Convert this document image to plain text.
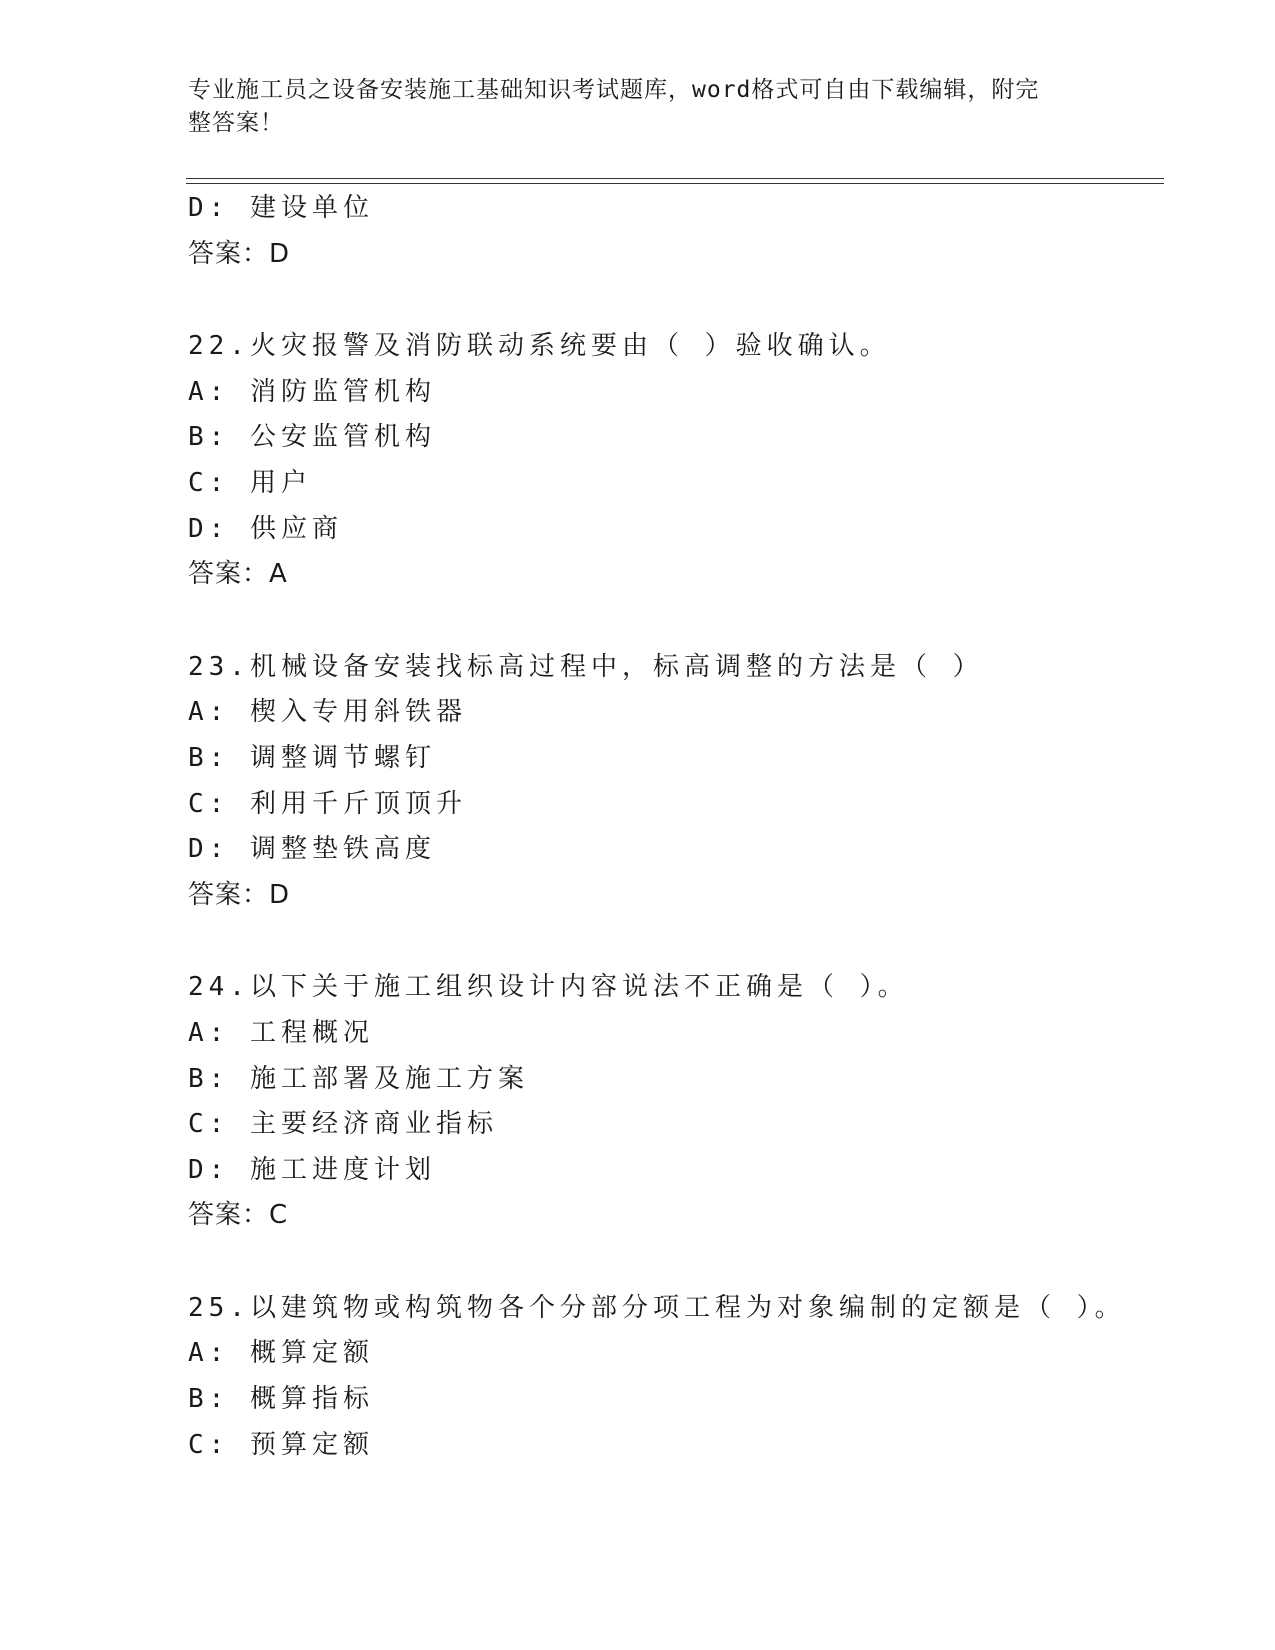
专业施工员之设备安装施工基础知识考试题库，word格式可自由下载编辑，附完
整答案！
D: 建设单位
答案：D
22.火灾报警及消防联动系统要由（ ）验收确认。
A: 消防监管机构
B: 公安监管机构
C: 用户
D: 供应商
答案：A
23.机械设备安装找标高过程中，标高调整的方法是（ ）
A: 楔入专用斜铁器
B: 调整调节螺钉
C: 利用千斤顶顶升
D: 调整垫铁高度
答案：D
24.以下关于施工组织设计内容说法不正确是（ ）。
A: 工程概况
B: 施工部署及施工方案
C: 主要经济商业指标
D: 施工进度计划
答案：C
25.以建筑物或构筑物各个分部分项工程为对象编制的定额是（ ）。
A: 概算定额
B: 概算指标
C: 预算定额
